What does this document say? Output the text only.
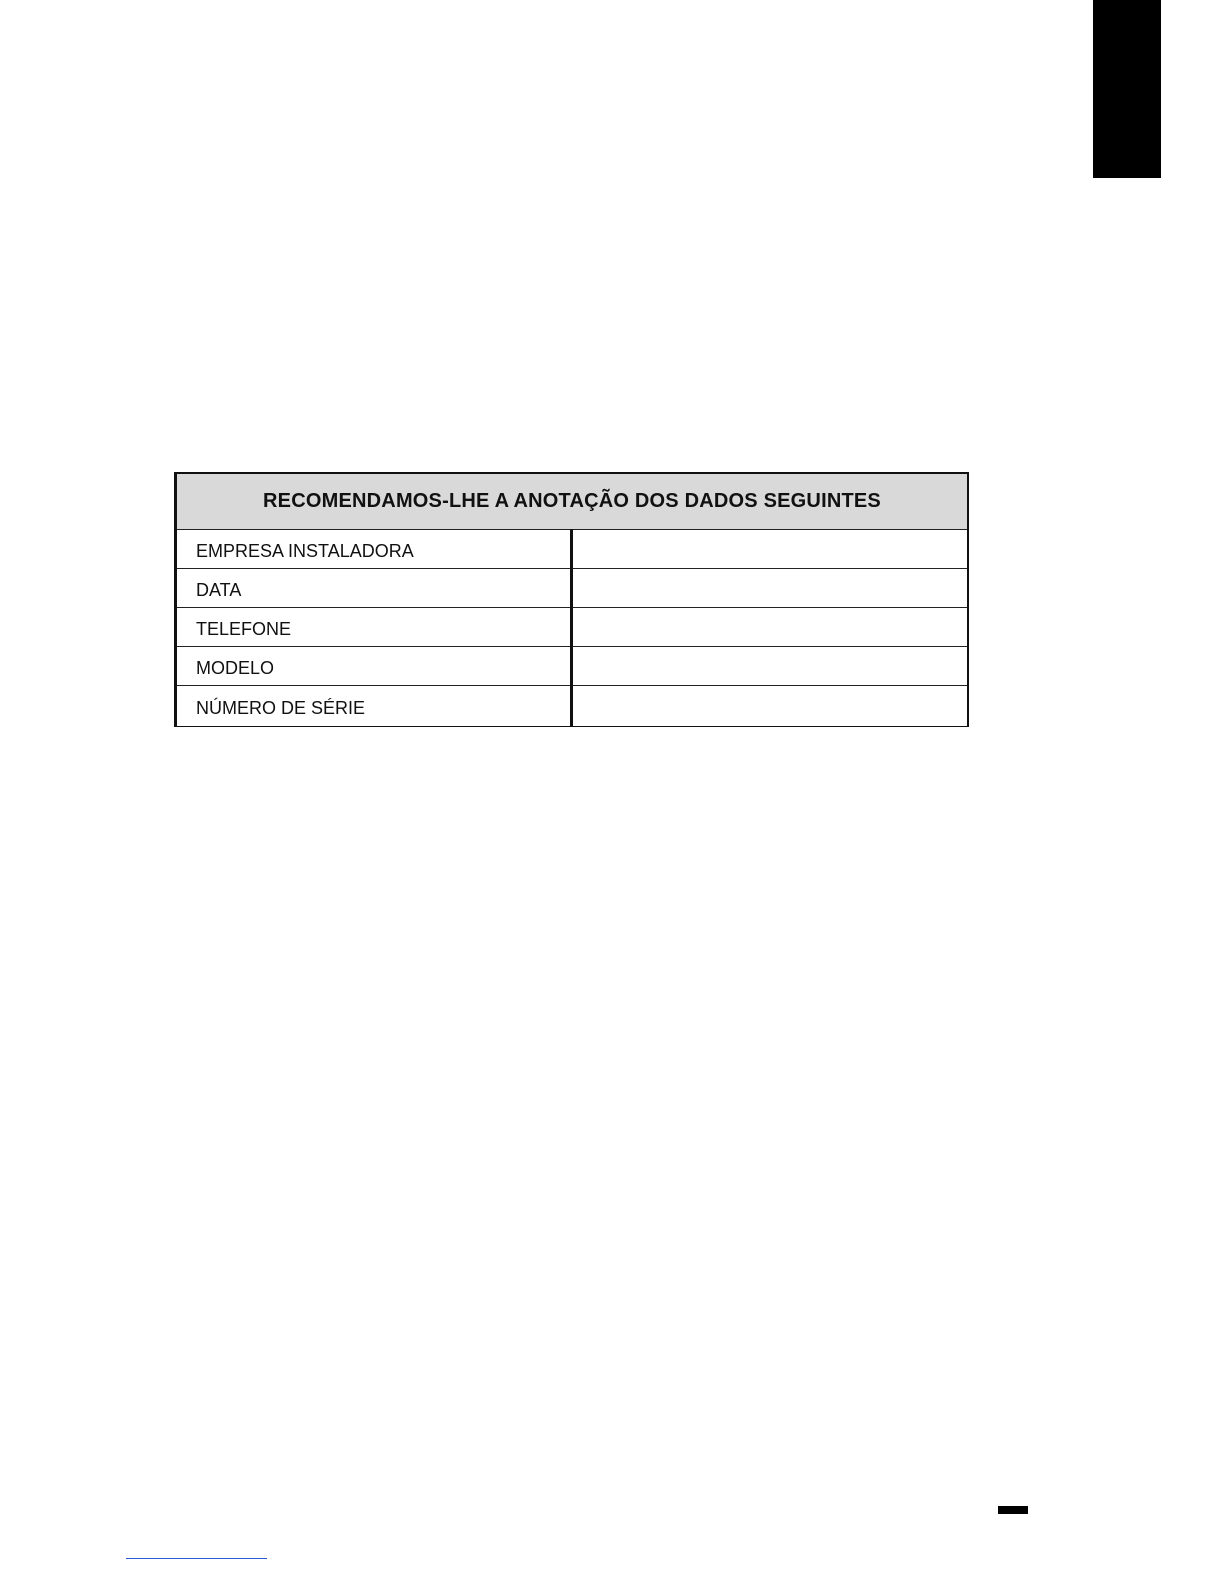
RECOMENDAMOS-LHE A ANOTAÇÃO DOS DADOS SEGUINTES	
EMPRESA INSTALADORA	
DATA	
TELEFONE	
MODELO	
NÚMERO DE SÉRIE	
